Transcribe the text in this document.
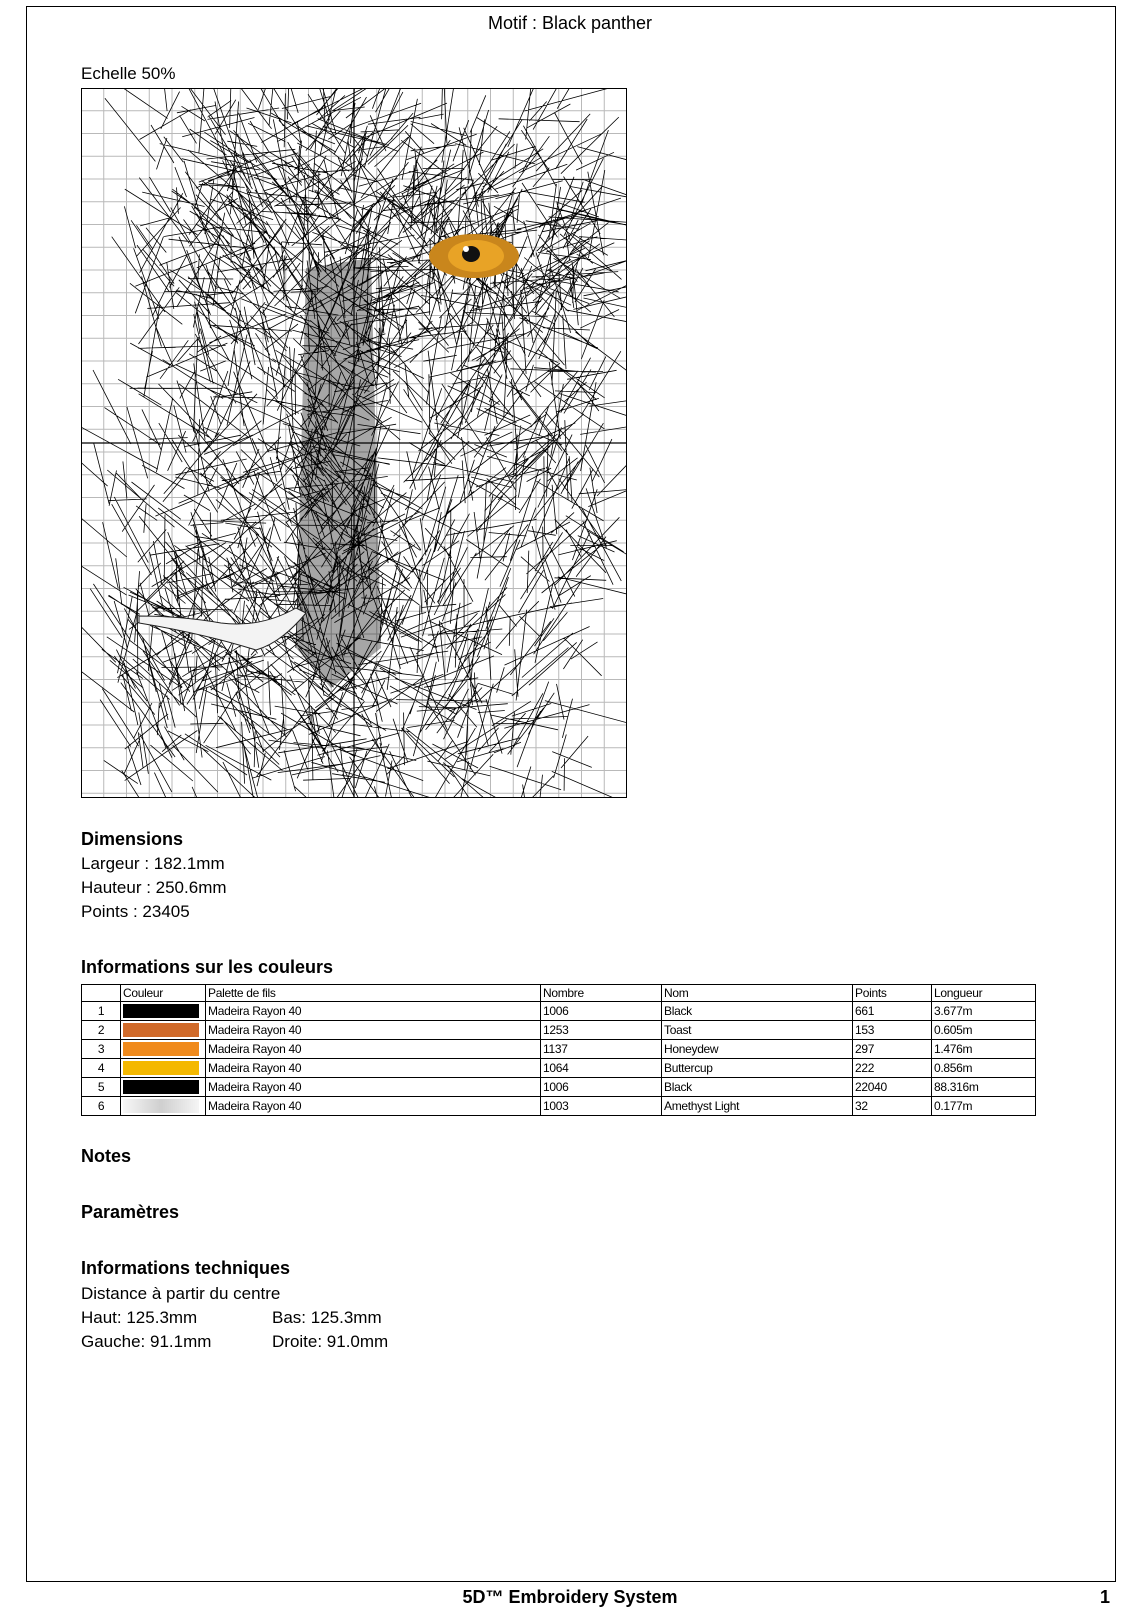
Motif : Black panther
Echelle 50%
Dimensions
Largeur : 182.1mm
Hauteur : 250.6mm
Points : 23405
Informations sur les couleurs
	Couleur	Palette de fils	Nombre	Nom	Points	Longueur
1		Madeira Rayon 40	1006	Black	661	3.677m
2		Madeira Rayon 40	1253	Toast	153	0.605m
3		Madeira Rayon 40	1137	Honeydew	297	1.476m
4		Madeira Rayon 40	1064	Buttercup	222	0.856m
5		Madeira Rayon 40	1006	Black	22040	88.316m
6		Madeira Rayon 40	1003	Amethyst Light	32	0.177m
Notes
Paramètres
Informations techniques
Distance à partir du centre
Haut: 125.3mm	Bas: 125.3mm
Gauche: 91.1mm	Droite: 91.0mm
5D™ Embroidery System	1
